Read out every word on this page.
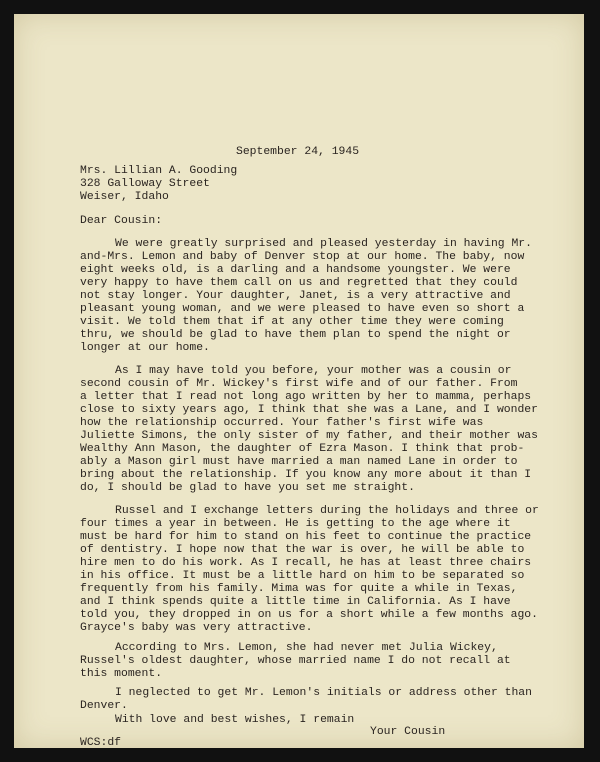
September 24, 1945
Mrs. Lillian A. Gooding
328 Galloway Street
Weiser, Idaho
Dear Cousin:
We were greatly surprised and pleased yesterday in having Mr.
and-Mrs. Lemon and baby of Denver stop at our home. The baby, now
eight weeks old, is a darling and a handsome youngster. We were
very happy to have them call on us and regretted that they could
not stay longer. Your daughter, Janet, is a very attractive and
pleasant young woman, and we were pleased to have even so short a
visit. We told them that if at any other time they were coming
thru, we should be glad to have them plan to spend the night or
longer at our home.
As I may have told you before, your mother was a cousin or
second cousin of Mr. Wickey's first wife and of our father. From
a letter that I read not long ago written by her to mamma, perhaps
close to sixty years ago, I think that she was a Lane, and I wonder
how the relationship occurred. Your father's first wife was
Juliette Simons, the only sister of my father, and their mother was
Wealthy Ann Mason, the daughter of Ezra Mason. I think that prob-
ably a Mason girl must have married a man named Lane in order to
bring about the relationship. If you know any more about it than I
do, I should be glad to have you set me straight.
Russel and I exchange letters during the holidays and three or
four times a year in between. He is getting to the age where it
must be hard for him to stand on his feet to continue the practice
of dentistry. I hope now that the war is over, he will be able to
hire men to do his work. As I recall, he has at least three chairs
in his office. It must be a little hard on him to be separated so
frequently from his family. Mima was for quite a while in Texas,
and I think spends quite a little time in California. As I have
told you, they dropped in on us for a short while a few months ago.
Grayce's baby was very attractive.
According to Mrs. Lemon, she had never met Julia Wickey,
Russel's oldest daughter, whose married name I do not recall at
this moment.
I neglected to get Mr. Lemon's initials or address other than
Denver.
With love and best wishes, I remain
Your Cousin
WCS:df
